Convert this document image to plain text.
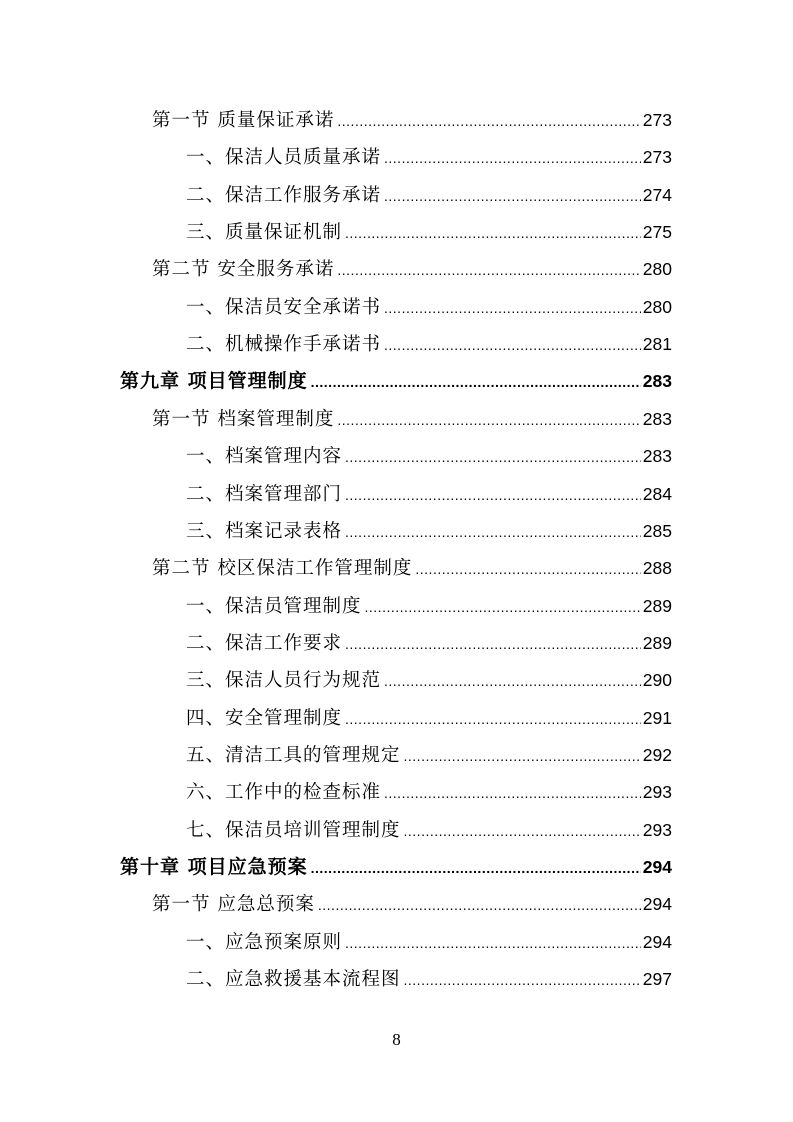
第一节 质量保证承诺 .....	273
一、保洁人员质量承诺 .....	273
二、保洁工作服务承诺 .....	274
三、质量保证机制 .....	275
第二节 安全服务承诺 .....	280
一、保洁员安全承诺书 .....	280
二、机械操作手承诺书 .....	281
第九章 项目管理制度 .....	283
第一节 档案管理制度 .....	283
一、档案管理内容 .....	283
二、档案管理部门 .....	284
三、档案记录表格 .....	285
第二节 校区保洁工作管理制度 .....	288
一、保洁员管理制度 .....	289
二、保洁工作要求 .....	289
三、保洁人员行为规范 .....	290
四、安全管理制度 .....	291
五、清洁工具的管理规定 .....	292
六、工作中的检查标准 .....	293
七、保洁员培训管理制度 .....	293
第十章 项目应急预案 .....	294
第一节 应急总预案 .....	294
一、应急预案原则 .....	294
二、应急救援基本流程图 .....	297
8
